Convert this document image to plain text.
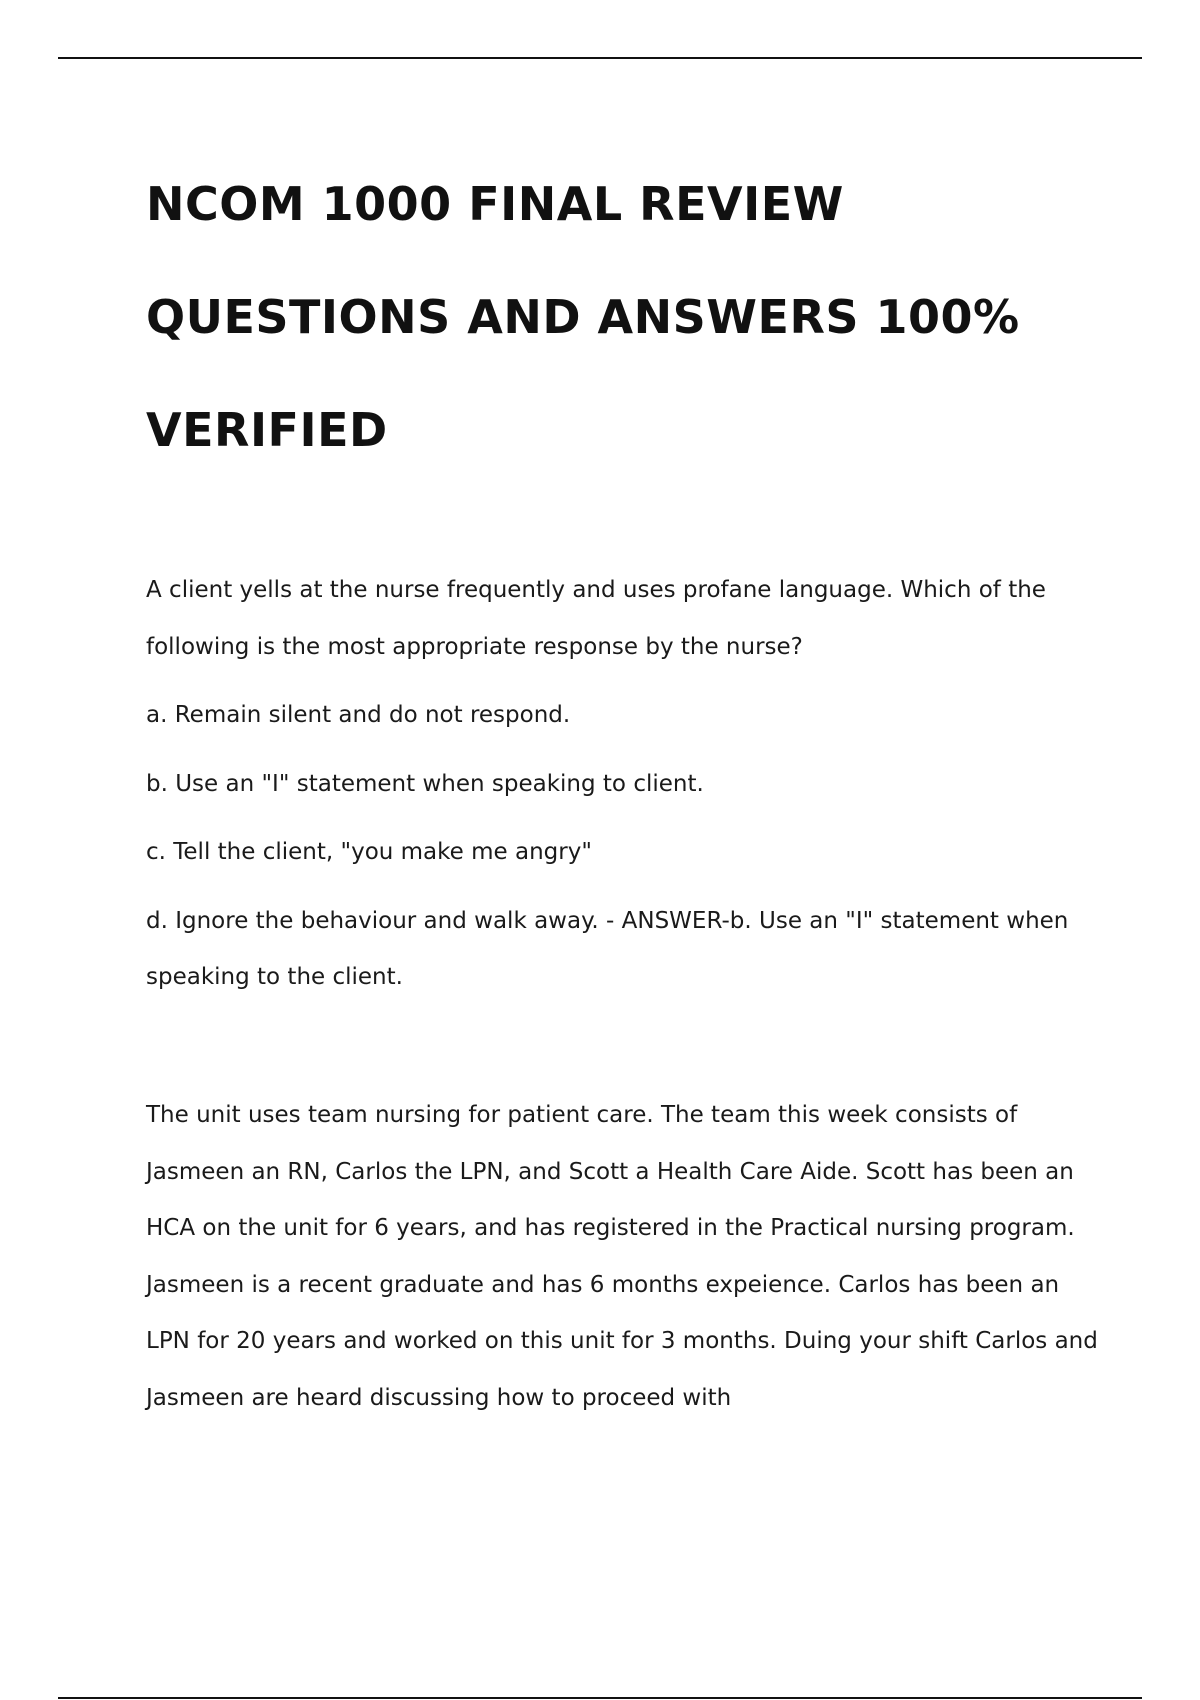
NCOM 1000 FINAL REVIEW
QUESTIONS AND ANSWERS 100%
VERIFIED

A client yells at the nurse frequently and uses profane language. Which of the following is the most appropriate response by the nurse?

a. Remain silent and do not respond.

b. Use an "I" statement when speaking to client.

c. Tell the client, "you make me angry"

d. Ignore the behaviour and walk away. - ANSWER-b. Use an "I" statement when speaking to the client.

The unit uses team nursing for patient care. The team this week consists of Jasmeen an RN, Carlos the LPN, and Scott a Health Care Aide. Scott has been an HCA on the unit for 6 years, and has registered in the Practical nursing program. Jasmeen is a recent graduate and has 6 months expeience. Carlos has been an LPN for 20 years and worked on this unit for 3 months. Duing your shift Carlos and Jasmeen are heard discussing how to proceed with
